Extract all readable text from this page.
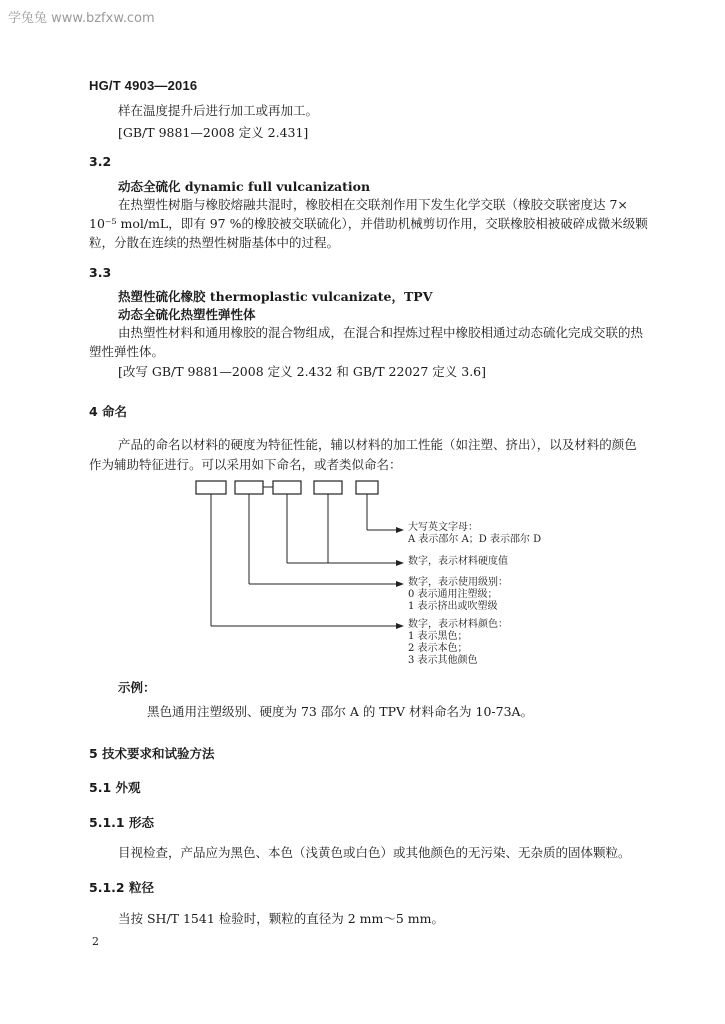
学兔兔 www.bzfxw.com
HG/T 4903—2016
样在温度提升后进行加工或再加工。
[GB/T 9881—2008 定义 2.431]
3.2
动态全硫化 dynamic full vulcanization
在热塑性树脂与橡胶熔融共混时，橡胶相在交联剂作用下发生化学交联（橡胶交联密度达 7×
10⁻⁵ mol/mL，即有 97 %的橡胶被交联硫化），并借助机械剪切作用，交联橡胶相被破碎成微米级颗
粒，分散在连续的热塑性树脂基体中的过程。
3.3
热塑性硫化橡胶 thermoplastic vulcanizate，TPV
动态全硫化热塑性弹性体
由热塑性材料和通用橡胶的混合物组成，在混合和捏炼过程中橡胶相通过动态硫化完成交联的热
塑性弹性体。
[改写 GB/T 9881—2008 定义 2.432 和 GB/T 22027 定义 3.6]
4 命名
产品的命名以材料的硬度为特征性能，辅以材料的加工性能（如注塑、挤出），以及材料的颜色
作为辅助特征进行。可以采用如下命名，或者类似命名：
大写英文字母：
A 表示邵尔 A；D 表示邵尔 D
数字，表示材料硬度值
数字，表示使用级别：
0 表示通用注塑级；
1 表示挤出或吹塑级
数字，表示材料颜色：
1 表示黑色；
2 表示本色；
3 表示其他颜色
示例：
黑色通用注塑级别、硬度为 73 邵尔 A 的 TPV 材料命名为 10-73A。
5 技术要求和试验方法
5.1 外观
5.1.1 形态
目视检查，产品应为黑色、本色（浅黄色或白色）或其他颜色的无污染、无杂质的固体颗粒。
5.1.2 粒径
当按 SH/T 1541 检验时，颗粒的直径为 2 mm～5 mm。
2
